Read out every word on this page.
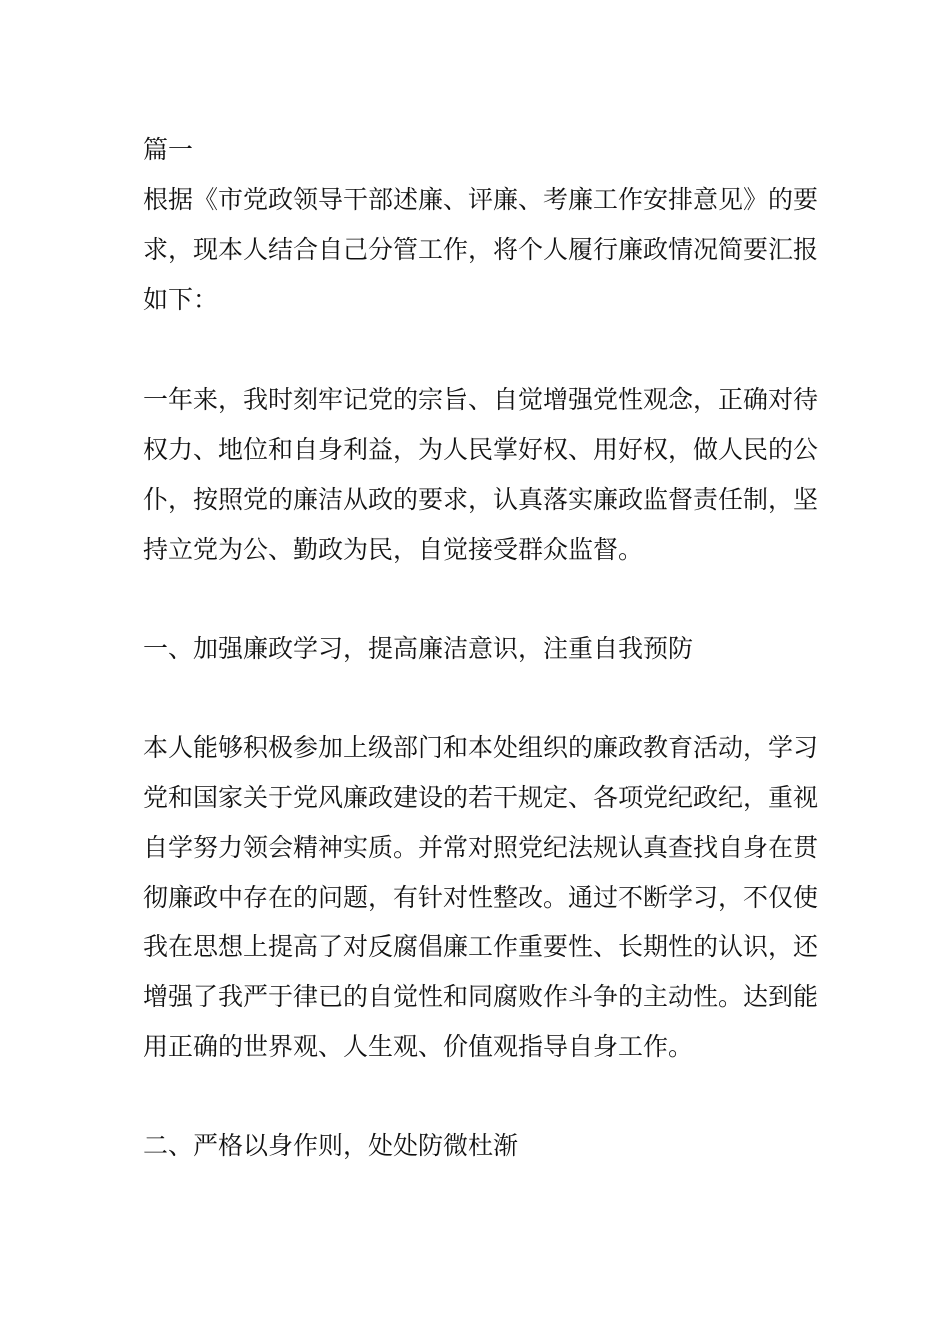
篇一

根据《市党政领导干部述廉、评廉、考廉工作安排意见》的要

求，现本人结合自己分管工作，将个人履行廉政情况简要汇报

如下：

一年来，我时刻牢记党的宗旨、自觉增强党性观念，正确对待

权力、地位和自身利益，为人民掌好权、用好权，做人民的公

仆，按照党的廉洁从政的要求，认真落实廉政监督责任制，坚

持立党为公、勤政为民，自觉接受群众监督。

一、加强廉政学习，提高廉洁意识，注重自我预防

本人能够积极参加上级部门和本处组织的廉政教育活动，学习

党和国家关于党风廉政建设的若干规定、各项党纪政纪，重视

自学努力领会精神实质。并常对照党纪法规认真查找自身在贯

彻廉政中存在的问题，有针对性整改。通过不断学习，不仅使

我在思想上提高了对反腐倡廉工作重要性、长期性的认识，还

增强了我严于律已的自觉性和同腐败作斗争的主动性。达到能

用正确的世界观、人生观、价值观指导自身工作。

二、严格以身作则，处处防微杜渐
